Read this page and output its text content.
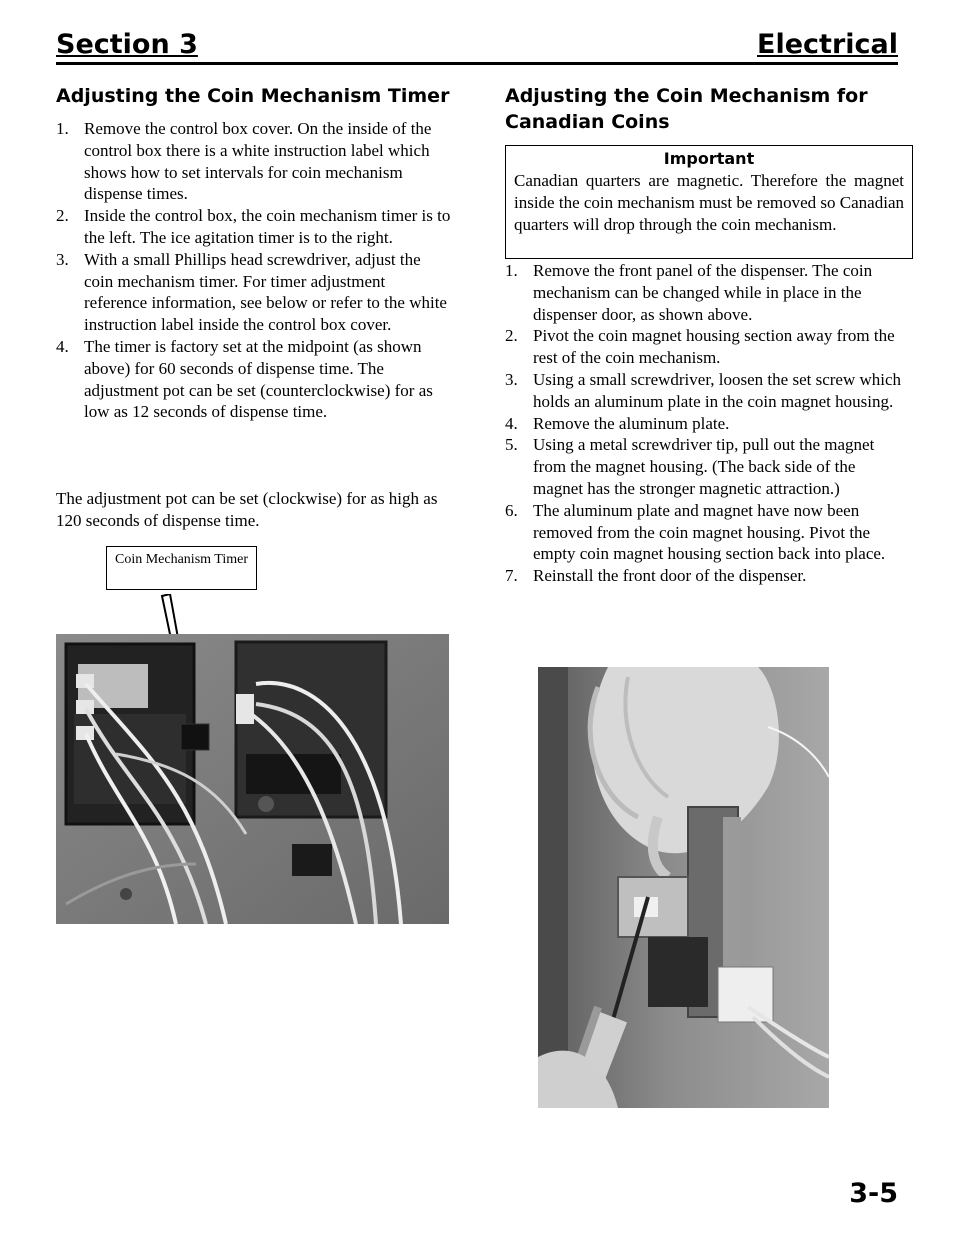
Section 3	Electrical
Adjusting the Coin Mechanism Timer
1. Remove the control box cover. On the inside of the control box there is a white instruction label which shows how to set intervals for coin mechanism dispense times.
2. Inside the control box, the coin mechanism timer is to the left. The ice agitation timer is to the right.
3. With a small Phillips head screwdriver, adjust the coin mechanism timer. For timer adjustment reference information, see below or refer to the white instruction label inside the control box cover.
4. The timer is factory set at the midpoint (as shown above) for 60 seconds of dispense time. The adjustment pot can be set (counterclockwise) for as low as 12 seconds of dispense time.

The adjustment pot can be set (clockwise) for as high as 120 seconds of dispense time.

Coin Mechanism Timer
Adjusting the Coin Mechanism for Canadian Coins
Important
Canadian quarters are magnetic. Therefore the magnet inside the coin mechanism must be removed so Canadian quarters will drop through the coin mechanism.
1. Remove the front panel of the dispenser. The coin mechanism can be changed while in place in the dispenser door, as shown above.
2. Pivot the coin magnet housing section away from the rest of the coin mechanism.
3. Using a small screwdriver, loosen the set screw which holds an aluminum plate in the coin magnet housing.
4. Remove the aluminum plate.
5. Using a metal screwdriver tip, pull out the magnet from the magnet housing. (The back side of the magnet has the stronger magnetic attraction.)
6. The aluminum plate and magnet have now been removed from the coin magnet housing. Pivot the empty coin magnet housing section back into place.
7. Reinstall the front door of the dispenser.
3-5
